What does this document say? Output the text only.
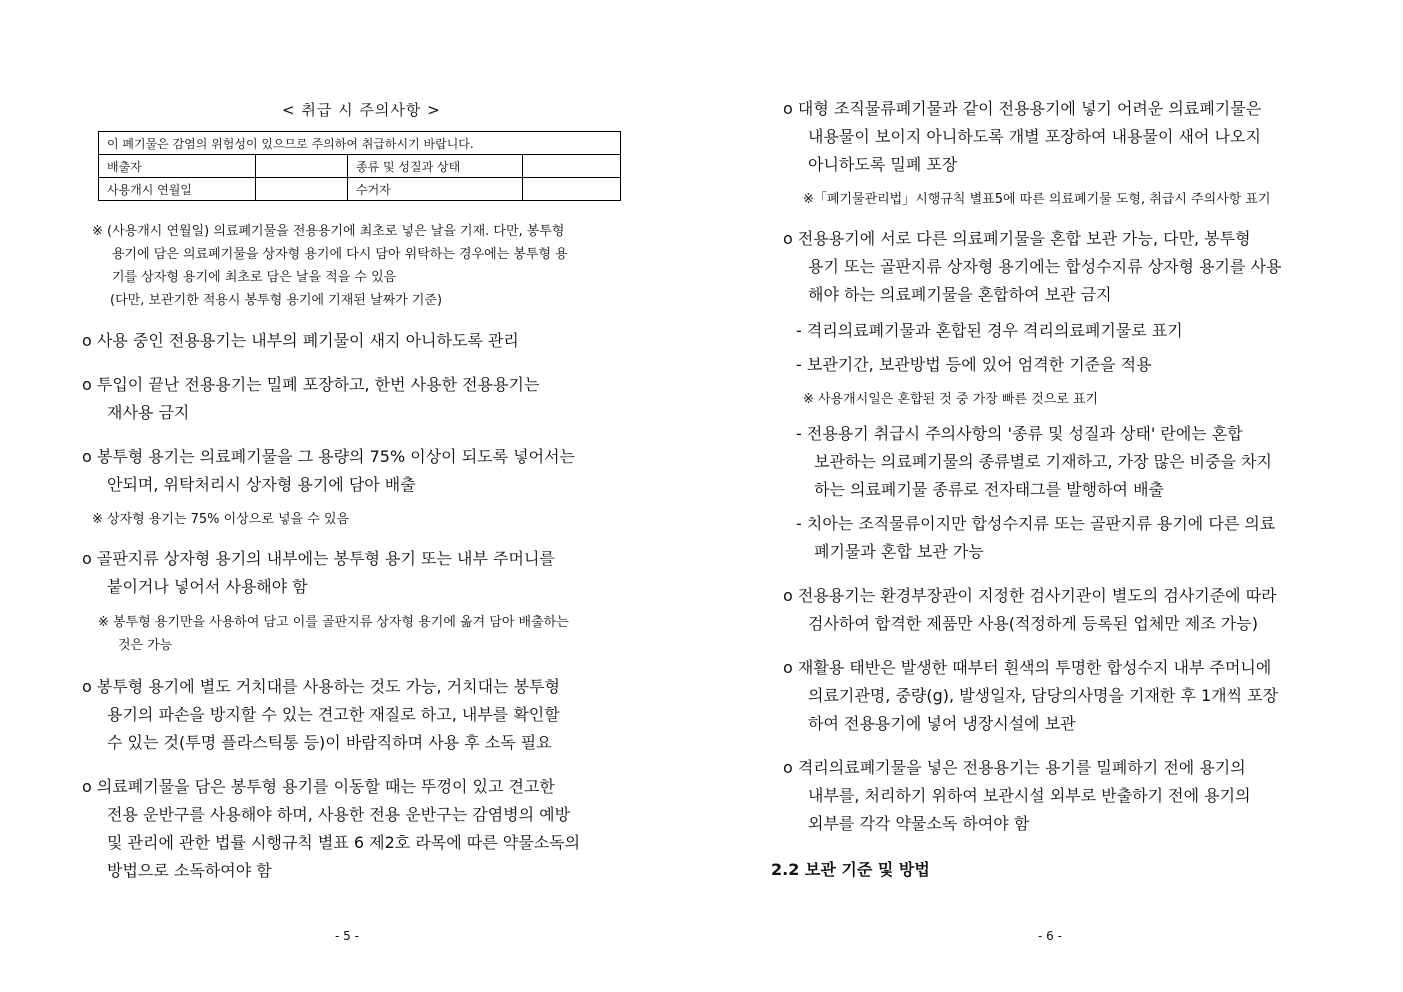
< 취급 시 주의사항 >
이 폐기물은 감염의 위험성이 있으므로 주의하여 취급하시기 바랍니다.			
배출자		종류 및 성질과 상태	
사용개시 연월일		수거자	
※ (사용개시 연월일) 의료폐기물을 전용용기에 최초로 넣은 날을 기재. 다만, 봉투형
용기에 담은 의료폐기물을 상자형 용기에 다시 담아 위탁하는 경우에는 봉투형 용
기를 상자형 용기에 최초로 담은 날을 적을 수 있음
(다만, 보관기한 적용시 봉투형 용기에 기재된 날짜가 기준)
o 사용 중인 전용용기는 내부의 폐기물이 새지 아니하도록 관리
o 투입이 끝난 전용용기는 밀폐 포장하고, 한번 사용한 전용용기는
재사용 금지
o 봉투형 용기는 의료폐기물을 그 용량의 75% 이상이 되도록 넣어서는
안되며, 위탁처리시 상자형 용기에 담아 배출
※ 상자형 용기는 75% 이상으로 넣을 수 있음
o 골판지류 상자형 용기의 내부에는 봉투형 용기 또는 내부 주머니를
붙이거나 넣어서 사용해야 함
※ 봉투형 용기만을 사용하여 담고 이를 골판지류 상자형 용기에 옮겨 담아 배출하는
것은 가능
o 봉투형 용기에 별도 거치대를 사용하는 것도 가능, 거치대는 봉투형
용기의 파손을 방지할 수 있는 견고한 재질로 하고, 내부를 확인할
수 있는 것(투명 플라스틱통 등)이 바람직하며 사용 후 소독 필요
o 의료폐기물을 담은 봉투형 용기를 이동할 때는 뚜껑이 있고 견고한
전용 운반구를 사용해야 하며, 사용한 전용 운반구는 감염병의 예방
및 관리에 관한 법률 시행규칙 별표 6 제2호 라목에 따른 약물소독의
방법으로 소독하여야 함
- 5 -
o 대형 조직물류폐기물과 같이 전용용기에 넣기 어려운 의료폐기물은
내용물이 보이지 아니하도록 개별 포장하여 내용물이 새어 나오지
아니하도록 밀폐 포장
※「폐기물관리법」시행규칙 별표5에 따른 의료폐기물 도형, 취급시 주의사항 표기
o 전용용기에 서로 다른 의료폐기물을 혼합 보관 가능, 다만, 봉투형
용기 또는 골판지류 상자형 용기에는 합성수지류 상자형 용기를 사용
해야 하는 의료폐기물을 혼합하여 보관 금지
- 격리의료폐기물과 혼합된 경우 격리의료폐기물로 표기
- 보관기간, 보관방법 등에 있어 엄격한 기준을 적용
※ 사용개시일은 혼합된 것 중 가장 빠른 것으로 표기
- 전용용기 취급시 주의사항의 '종류 및 성질과 상태' 란에는 혼합
보관하는 의료폐기물의 종류별로 기재하고, 가장 많은 비중을 차지
하는 의료폐기물 종류로 전자태그를 발행하여 배출
- 치아는 조직물류이지만 합성수지류 또는 골판지류 용기에 다른 의료
폐기물과 혼합 보관 가능
o 전용용기는 환경부장관이 지정한 검사기관이 별도의 검사기준에 따라
검사하여 합격한 제품만 사용(적정하게 등록된 업체만 제조 가능)
o 재활용 태반은 발생한 때부터 흰색의 투명한 합성수지 내부 주머니에
의료기관명, 중량(g), 발생일자, 담당의사명을 기재한 후 1개씩 포장
하여 전용용기에 넣어 냉장시설에 보관
o 격리의료폐기물을 넣은 전용용기는 용기를 밀폐하기 전에 용기의
내부를, 처리하기 위하여 보관시설 외부로 반출하기 전에 용기의
외부를 각각 약물소독 하여야 함
2.2 보관 기준 및 방법
- 6 -
